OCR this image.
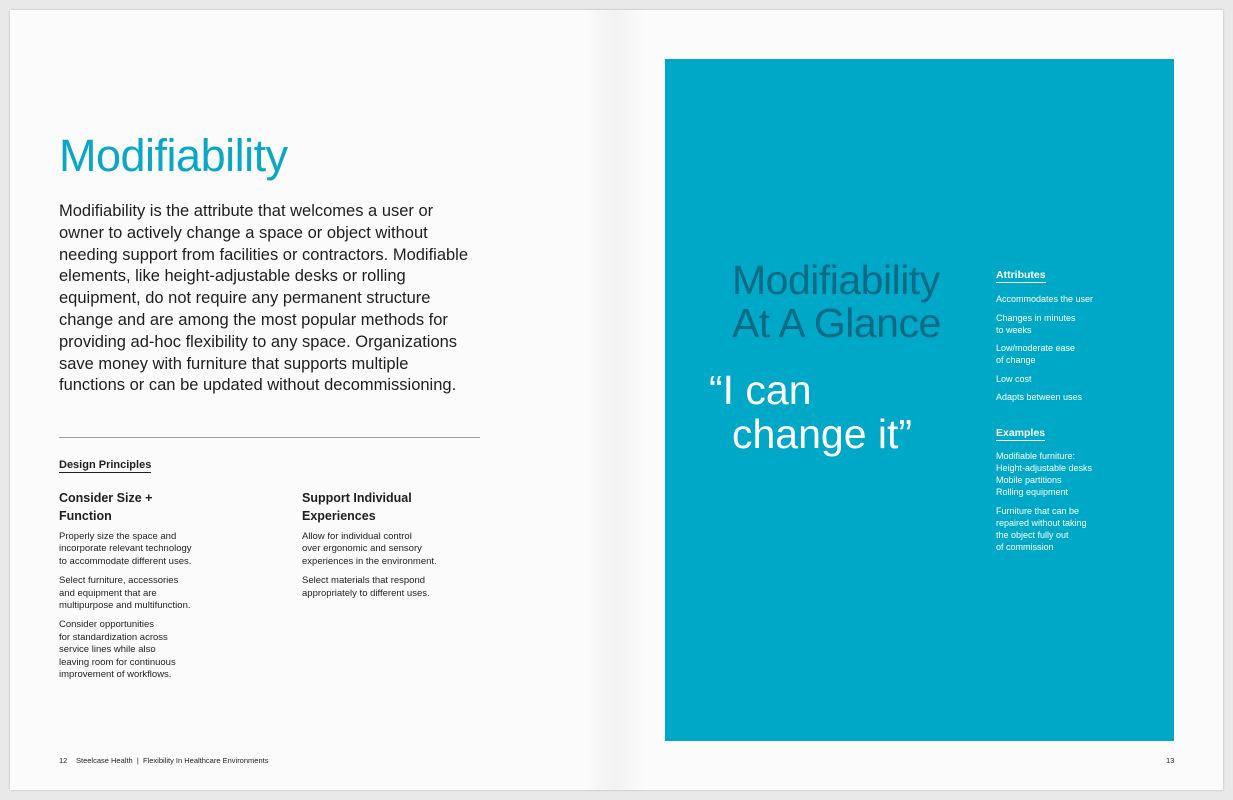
Modifiability

Modifiability is the attribute that welcomes a user or owner to actively change a space or object without needing support from facilities or contractors. Modifiable elements, like height-adjustable desks or rolling equipment, do not require any permanent structure change and are among the most popular methods for providing ad-hoc flexibility to any space. Organizations save money with furniture that supports multiple functions or can be updated without decommissioning.

Design Principles
Consider Size +
Function

Properly size the space and
incorporate relevant technology
to accommodate different uses.

Select furniture, accessories
and equipment that are
multipurpose and multifunction.

Consider opportunities
for standardization across
service lines while also
leaving room for continuous
improvement of workflows.

Support Individual
Experiences

Allow for individual control
over ergonomic and sensory
experiences in the environment.

Select materials that respond
appropriately to different uses.

12 Steelcase Health  |  Flexibility In Healthcare Environments	13
Modifiability
At A Glance

“I can
change it”

Attributes
Accommodates the user
Changes in minutes
to weeks
Low/moderate ease
of change
Low cost
Adapts between uses
Examples
Modifiable furniture:
Height-adjustable desks
Mobile partitions
Rolling equipment
Furniture that can be
repaired without taking
the object fully out
of commission
